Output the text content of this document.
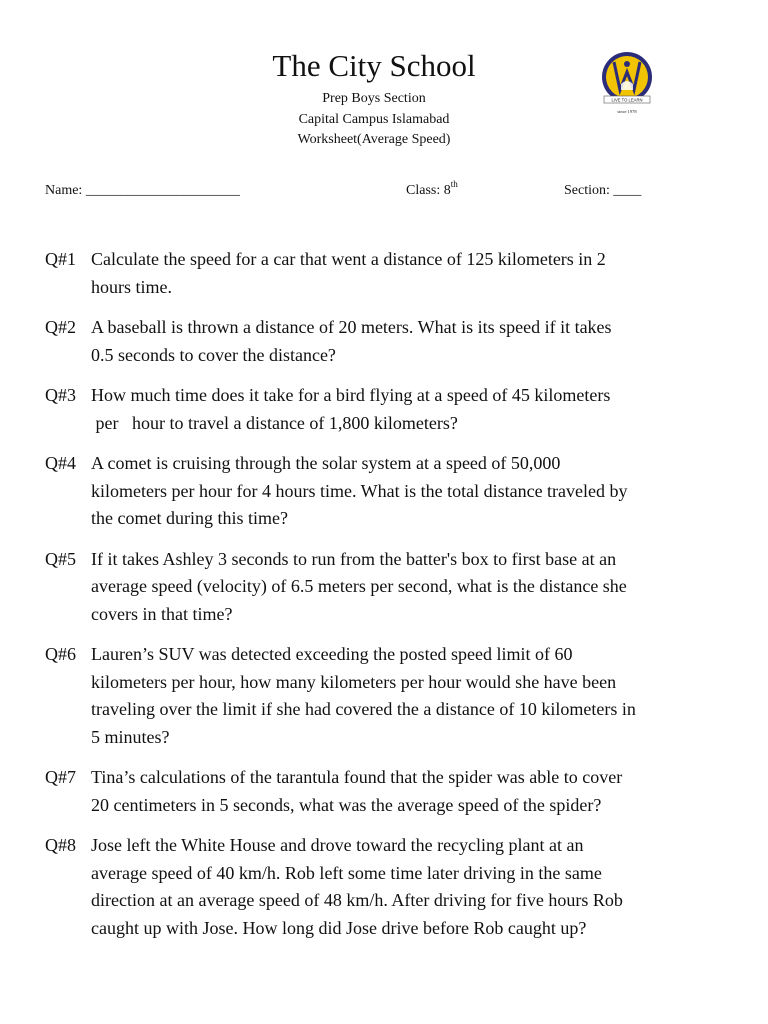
The City School
Prep Boys Section
Capital Campus Islamabad
Worksheet(Average Speed)
LIVE TO LEARN
since 1978
Name: ______________________	Class: 8th	Section: ____
Q#1 Calculate the speed for a car that went a distance of 125 kilometers in 2
hours time.
Q#2 A baseball is thrown a distance of 20 meters. What is its speed if it takes
0.5 seconds to cover the distance?
Q#3 How much time does it take for a bird flying at a speed of 45 kilometers
per   hour to travel a distance of 1,800 kilometers?
Q#4 A comet is cruising through the solar system at a speed of 50,000
kilometers per hour for 4 hours time. What is the total distance traveled by
the comet during this time?
Q#5 If it takes Ashley 3 seconds to run from the batter's box to first base at an
average speed (velocity) of 6.5 meters per second, what is the distance she
covers in that time?
Q#6 Lauren’s SUV was detected exceeding the posted speed limit of 60
kilometers per hour, how many kilometers per hour would she have been
traveling over the limit if she had covered the a distance of 10 kilometers in
5 minutes?
Q#7 Tina’s calculations of the tarantula found that the spider was able to cover
20 centimeters in 5 seconds, what was the average speed of the spider?
Q#8 Jose left the White House and drove toward the recycling plant at an
average speed of 40 km/h. Rob left some time later driving in the same
direction at an average speed of 48 km/h. After driving for five hours Rob
caught up with Jose. How long did Jose drive before Rob caught up?
